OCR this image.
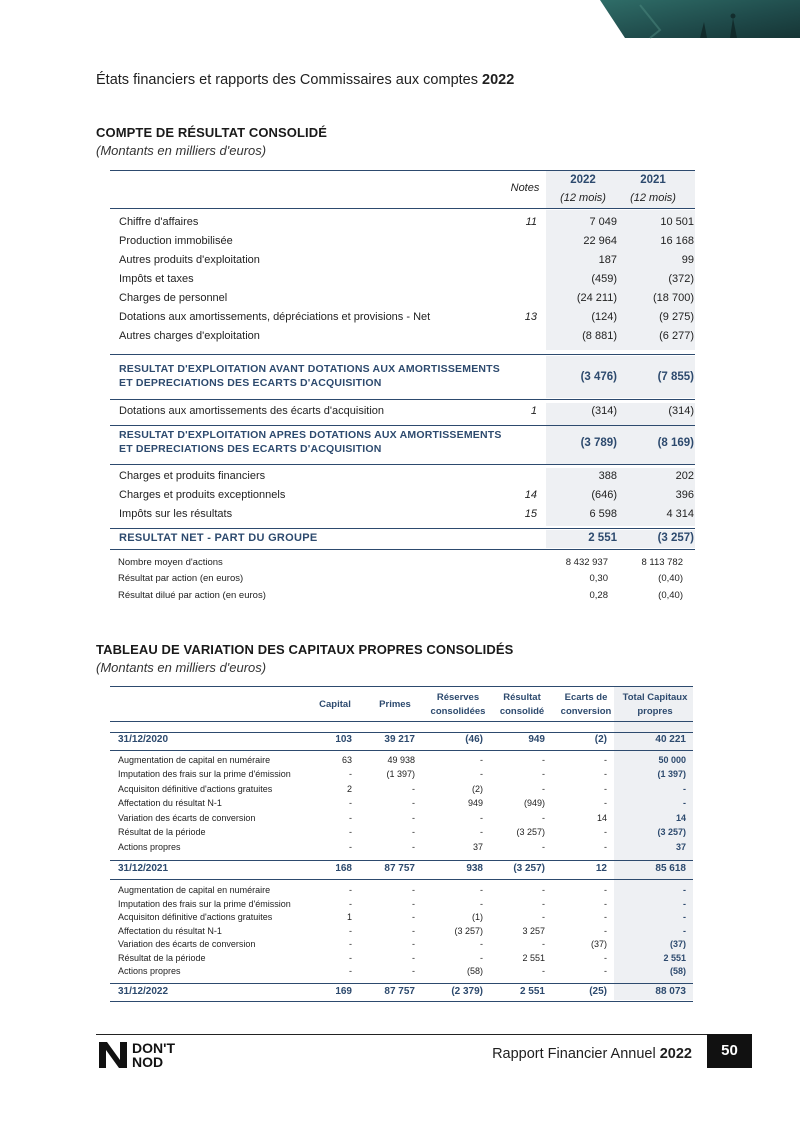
États financiers et rapports des Commissaires aux comptes 2022
COMPTE DE RÉSULTAT CONSOLIDÉ
(Montants en milliers d'euros)
Notes
2022
(12 mois)
2021
(12 mois)
Chiffre d'affaires	11	7 049	10 501
Production immobilisée	22 964	16 168
Autres produits d'exploitation	187	99
Impôts et taxes	(459)	(372)
Charges de personnel	(24 211)	(18 700)
Dotations aux amortissements, dépréciations et provisions - Net	13	(124)	(9 275)
Autres charges d'exploitation	(8 881)	(6 277)
RESULTAT D'EXPLOITATION AVANT DOTATIONS AUX AMORTISSEMENTS
ET DEPRECIATIONS DES ECARTS D'ACQUISITION	(3 476)	(7 855)
Dotations aux amortissements des écarts d'acquisition	1	(314)	(314)
RESULTAT D'EXPLOITATION APRES DOTATIONS AUX AMORTISSEMENTS
ET DEPRECIATIONS DES ECARTS D'ACQUISITION	(3 789)	(8 169)
Charges et produits financiers	388	202
Charges et produits exceptionnels	14	(646)	396
Impôts sur les résultats	15	6 598	4 314
RESULTAT NET - PART DU GROUPE	2 551	(3 257)
Nombre moyen d'actions	8 432 937	8 113 782
Résultat par action (en euros)	0,30	(0,40)
Résultat dilué par action (en euros)	0,28	(0,40)
TABLEAU DE VARIATION DES CAPITAUX PROPRES CONSOLIDÉS
(Montants en milliers d'euros)
Capital	Primes
Réserves
consolidées
Résultat
consolidé
Ecarts de
conversion
Total Capitaux
propres
31/12/2020	103	39 217	(46)	949	(2)	40 221
Augmentation de capital en numéraire	63	49 938	-	-	-	50 000
Imputation des frais sur la prime d'émission	-	(1 397)	-	-	-	(1 397)
Acquisiton définitive d'actions gratuites	2	-	(2)	-	-	-
Affectation du résultat N-1	-	-	949	(949)	-	-
Variation des écarts de conversion	-	-	-	-	14	14
Résultat de la période	-	-	-	(3 257)	-	(3 257)
Actions propres	-	-	37	-	-	37
31/12/2021	168	87 757	938	(3 257)	12	85 618
Augmentation de capital en numéraire	-	-	-	-	-	-
Imputation des frais sur la prime d'émission	-	-	-	-	-	-
Acquisiton définitive d'actions gratuites	1	-	(1)	-	-	-
Affectation du résultat N-1	-	-	(3 257)	3 257	-	-
Variation des écarts de conversion	-	-	-	-	(37)	(37)
Résultat de la période	-	-	-	2 551	-	2 551
Actions propres	-	-	(58)	-	-	(58)
31/12/2022	169	87 757	(2 379)	2 551	(25)	88 073
DON'T
NOD	Rapport Financier Annuel 2022	50
